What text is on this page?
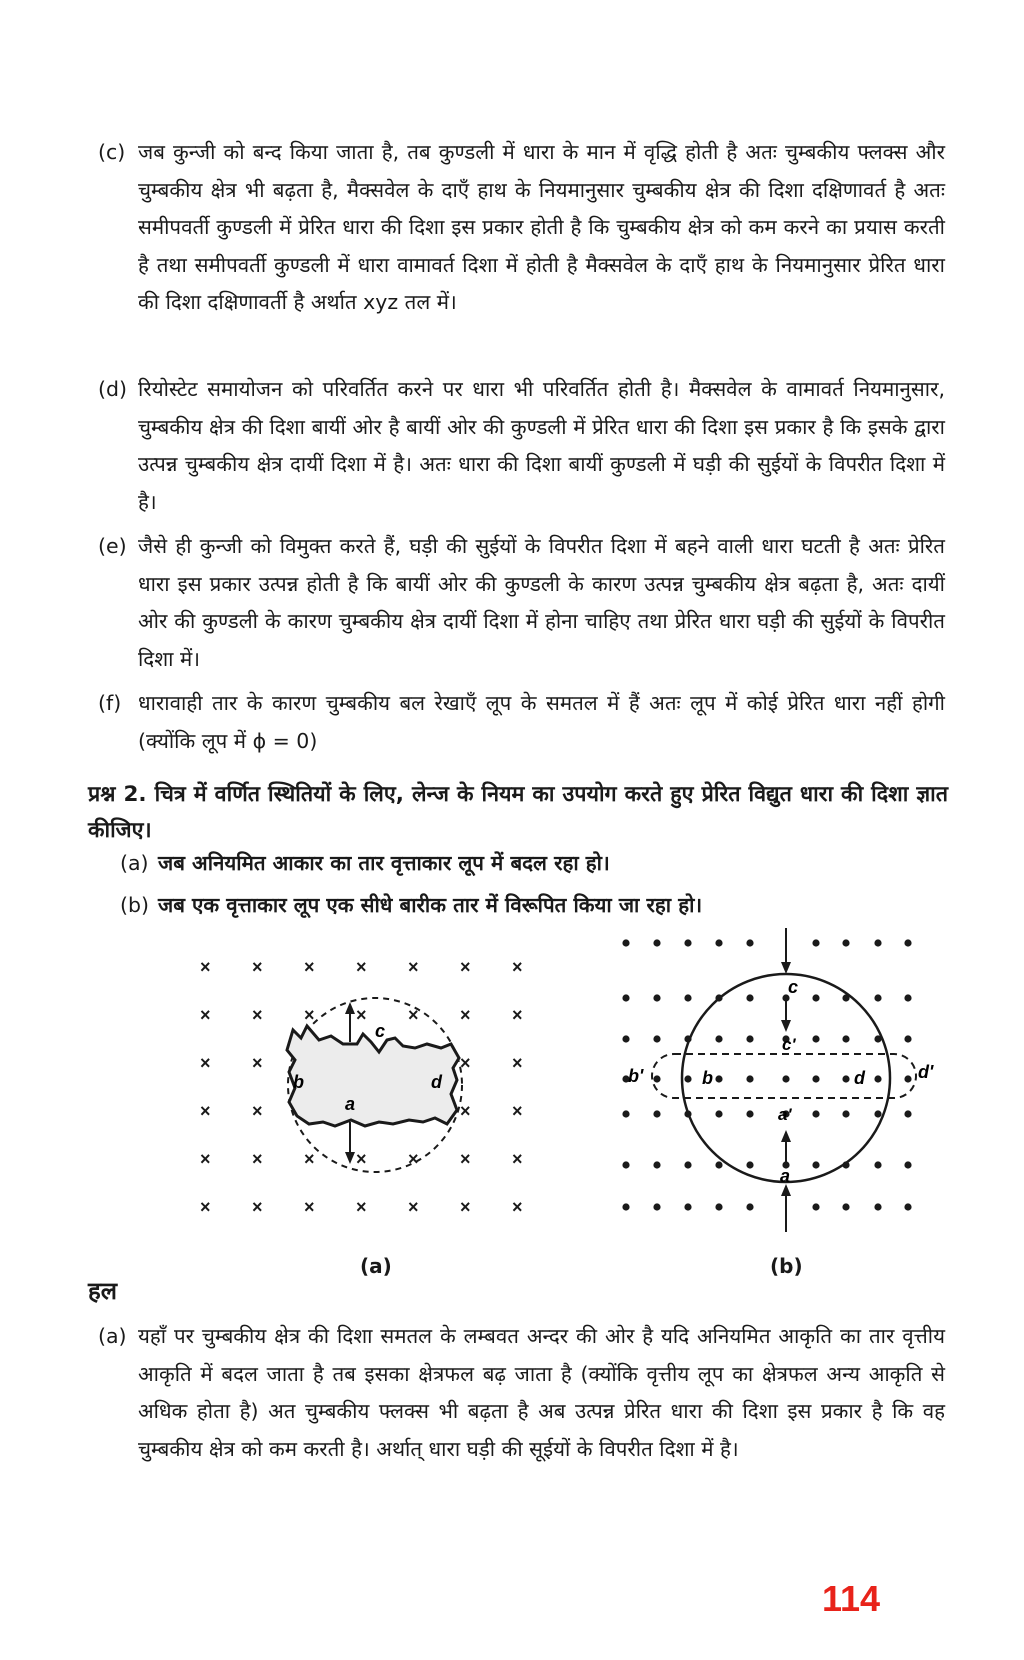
(c) जब कुन्जी को बन्द किया जाता है, तब कुण्डली में धारा के मान में वृद्धि होती है अतः चुम्बकीय फ्लक्स और चुम्बकीय क्षेत्र भी बढ़ता है, मैक्सवेल के दाएँ हाथ के नियमानुसार चुम्बकीय क्षेत्र की दिशा दक्षिणावर्त है अतः समीपवर्ती कुण्डली में प्रेरित धारा की दिशा इस प्रकार होती है कि चुम्बकीय क्षेत्र को कम करने का प्रयास करती है तथा समीपवर्ती कुण्डली में धारा वामावर्त दिशा में होती है मैक्सवेल के दाएँ हाथ के नियमानुसार प्रेरित धारा की दिशा दक्षिणावर्ती है अर्थात xyz तल में।
(d) रियोस्टेट समायोजन को परिवर्तित करने पर धारा भी परिवर्तित होती है। मैक्सवेल के वामावर्त नियमानुसार, चुम्बकीय क्षेत्र की दिशा बायीं ओर है बायीं ओर की कुण्डली में प्रेरित धारा की दिशा इस प्रकार है कि इसके द्वारा उत्पन्न चुम्बकीय क्षेत्र दायीं दिशा में है। अतः धारा की दिशा बायीं कुण्डली में घड़ी की सुईयों के विपरीत दिशा में है।
(e) जैसे ही कुन्जी को विमुक्त करते हैं, घड़ी की सुईयों के विपरीत दिशा में बहने वाली धारा घटती है अतः प्रेरित धारा इस प्रकार उत्पन्न होती है कि बायीं ओर की कुण्डली के कारण उत्पन्न चुम्बकीय क्षेत्र बढ़ता है, अतः दायीं ओर की कुण्डली के कारण चुम्बकीय क्षेत्र दायीं दिशा में होना चाहिए तथा प्रेरित धारा घड़ी की सुईयों के विपरीत दिशा में।
(f) धारावाही तार के कारण चुम्बकीय बल रेखाएँ लूप के समतल में हैं अतः लूप में कोई प्रेरित धारा नहीं होगी (क्योंकि लूप में ϕ = 0)
प्रश्न 2. चित्र में वर्णित स्थितियों के लिए, लेन्ज के नियम का उपयोग करते हुए प्रेरित विद्युत धारा की दिशा ज्ञात कीजिए।
(a) जब अनियमित आकार का तार वृत्ताकार लूप में बदल रहा हो।
(b) जब एक वृत्ताकार लूप एक सीधे बारीक तार में विरूपित किया जा रहा हो।
×
×
×
×
×
×
×
×
×
×
×
×
×
×
×
×
×
×
×
×
×
×
×
×
×
×
×
×
×
×
×
×
×
×
×
×
a
b
c
d
(a)
c
c'
b'	b	d	d'
a'
a
(b)
हल
(a) यहाँ पर चुम्बकीय क्षेत्र की दिशा समतल के लम्बवत अन्दर की ओर है यदि अनियमित आकृति का तार वृत्तीय आकृति में बदल जाता है तब इसका क्षेत्रफल बढ़ जाता है (क्योंकि वृत्तीय लूप का क्षेत्रफल अन्य आकृति से अधिक होता है) अत चुम्बकीय फ्लक्स भी बढ़ता है अब उत्पन्न प्रेरित धारा की दिशा इस प्रकार है कि वह चुम्बकीय क्षेत्र को कम करती है। अर्थात् धारा घड़ी की सूईयों के विपरीत दिशा में है।
114
